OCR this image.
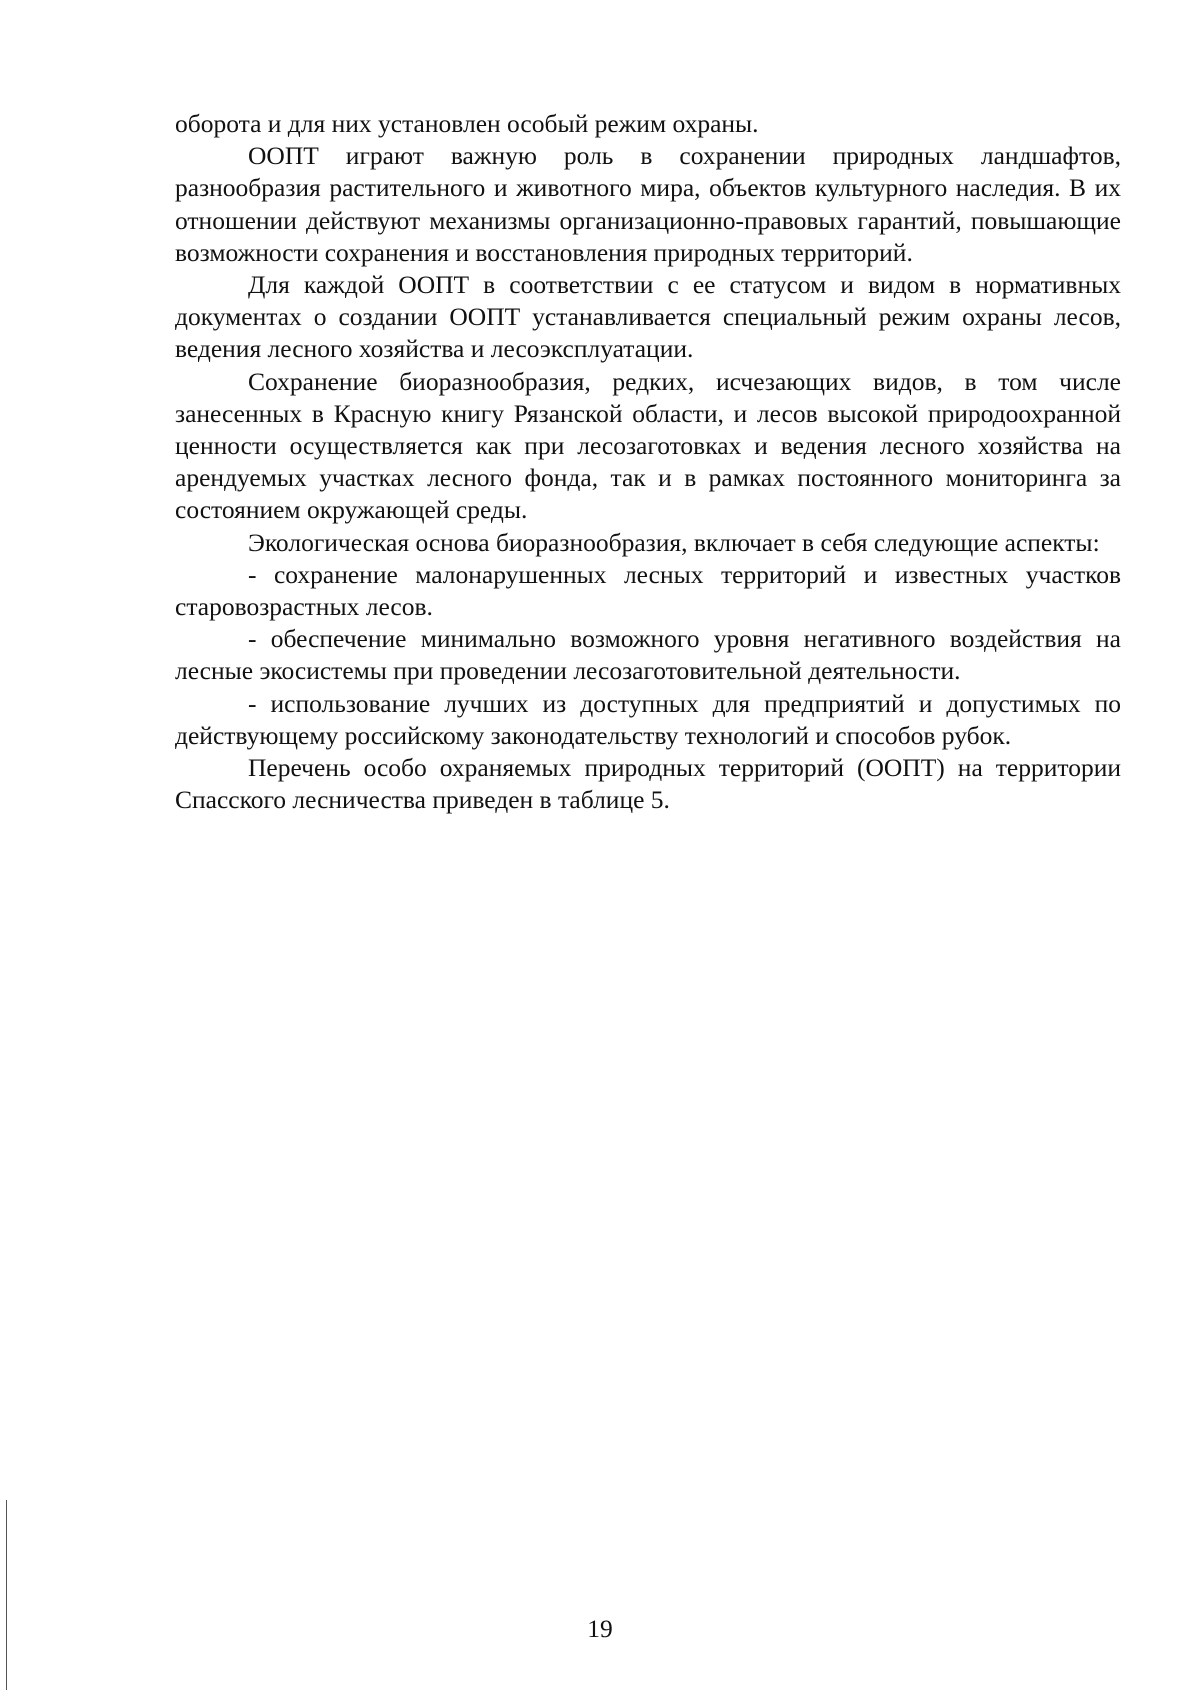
оборота и для них установлен особый режим охраны.

ООПТ играют важную роль в сохранении природных ландшафтов, разнообразия растительного и животного мира, объектов культурного наследия. В их отношении действуют механизмы организационно-правовых гарантий, повышающие возможности сохранения и восстановления природных территорий.

Для каждой ООПТ в соответствии с ее статусом и видом в нормативных документах о создании ООПТ устанавливается специальный режим охраны лесов, ведения лесного хозяйства и лесоэксплуатации.

Сохранение биоразнообразия, редких, исчезающих видов, в том числе занесенных в Красную книгу Рязанской области, и лесов высокой природоохранной ценности осуществляется как при лесозаготовках и ведения лесного хозяйства на арендуемых участках лесного фонда, так и в рамках постоянного мониторинга за состоянием окружающей среды.

Экологическая основа биоразнообразия, включает в себя следующие аспекты:

- сохранение малонарушенных лесных территорий и известных участков старовозрастных лесов.

- обеспечение минимально возможного уровня негативного воздействия на лесные экосистемы при проведении лесозаготовительной деятельности.

- использование лучших из доступных для предприятий и допустимых по действующему российскому законодательству технологий и способов рубок.

Перечень особо охраняемых природных территорий (ООПТ) на территории Спасского лесничества приведен в таблице 5.

19
